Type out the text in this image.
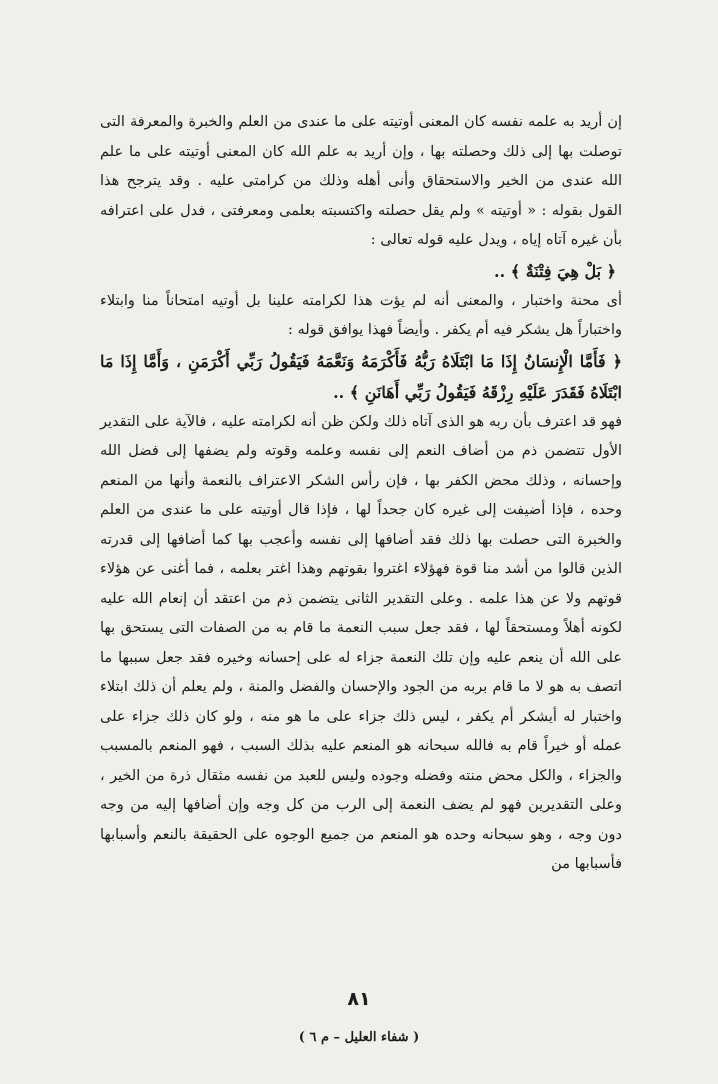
إن أريد به علمه نفسه كان المعنى أوتيته على ما عندى من العلم والخبرة والمعرفة التى توصلت بها إلى ذلك وحصلته بها ، وإن أريد به علم الله كان المعنى أوتيته على ما علم الله عندى من الخير والاستحقاق وأنى أهله وذلك من كرامتى عليه . وقد يترجح هذا القول بقوله : « أوتيته » ولم يقل حصلته واكتسبته بعلمى ومعرفتى ، فدل على اعترافه بأن غيره آتاه إياه ، ويدل عليه قوله تعالى :

﴿ بَلْ هِيَ فِتْنَةٌ ﴾ ..

أى محنة واختبار ، والمعنى أنه لم يؤت هذا لكرامته علينا بل أوتيه امتحاناً منا وابتلاء واختباراً هل يشكر فيه أم يكفر . وأيضاً فهذا يوافق قوله :

﴿ فَأَمَّا الْإِنسَانُ إِذَا مَا ابْتَلَاهُ رَبُّهُ فَأَكْرَمَهُ وَنَعَّمَهُ فَيَقُولُ رَبِّي أَكْرَمَنِ ، وَأَمَّا إِذَا مَا ابْتَلَاهُ فَقَدَرَ عَلَيْهِ رِزْقَهُ فَيَقُولُ رَبِّي أَهَانَنِ ﴾ ..

فهو قد اعترف بأن ربه هو الذى آتاه ذلك ولكن ظن أنه لكرامته عليه ، فالآية على التقدير الأول تتضمن ذم من أضاف النعم إلى نفسه وعلمه وقوته ولم يضفها إلى فضل الله وإحسانه ، وذلك محض الكفر بها ، فإن رأس الشكر الاعتراف بالنعمة وأنها من المنعم وحده ، فإذا أضيفت إلى غيره كان جحداً لها ، فإذا قال أوتيته على ما عندى من العلم والخبرة التى حصلت بها ذلك فقد أضافها إلى نفسه وأعجب بها كما أضافها إلى قدرته الذين قالوا من أشد منا قوة فهؤلاء اغتروا بقوتهم وهذا اغتر بعلمه ، فما أغنى عن هؤلاء قوتهم ولا عن هذا علمه . وعلى التقدير الثانى يتضمن ذم من اعتقد أن إنعام الله عليه لكونه أهلاً ومستحقاً لها ، فقد جعل سبب النعمة ما قام به من الصفات التى يستحق بها على الله أن ينعم عليه وإن تلك النعمة جزاء له على إحسانه وخيره فقد جعل سببها ما اتصف به هو لا ما قام بربه من الجود والإحسان والفضل والمنة ، ولم يعلم أن ذلك ابتلاء واختبار له أيشكر أم يكفر ، ليس ذلك جزاء على ما هو منه ، ولو كان ذلك جزاء على عمله أو خيراً قام به فالله سبحانه هو المنعم عليه بذلك السبب ، فهو المنعم بالمسبب والجزاء ، والكل محض منته وفضله وجوده وليس للعبد من نفسه مثقال ذرة من الخير ، وعلى التقديرين فهو لم يضف النعمة إلى الرب من كل وجه وإن أضافها إليه من وجه دون وجه ، وهو سبحانه وحده هو المنعم من جميع الوجوه على الحقيقة بالنعم وأسبابها فأسبابها من

٨١
( شفاء العليل – م ٦ )
